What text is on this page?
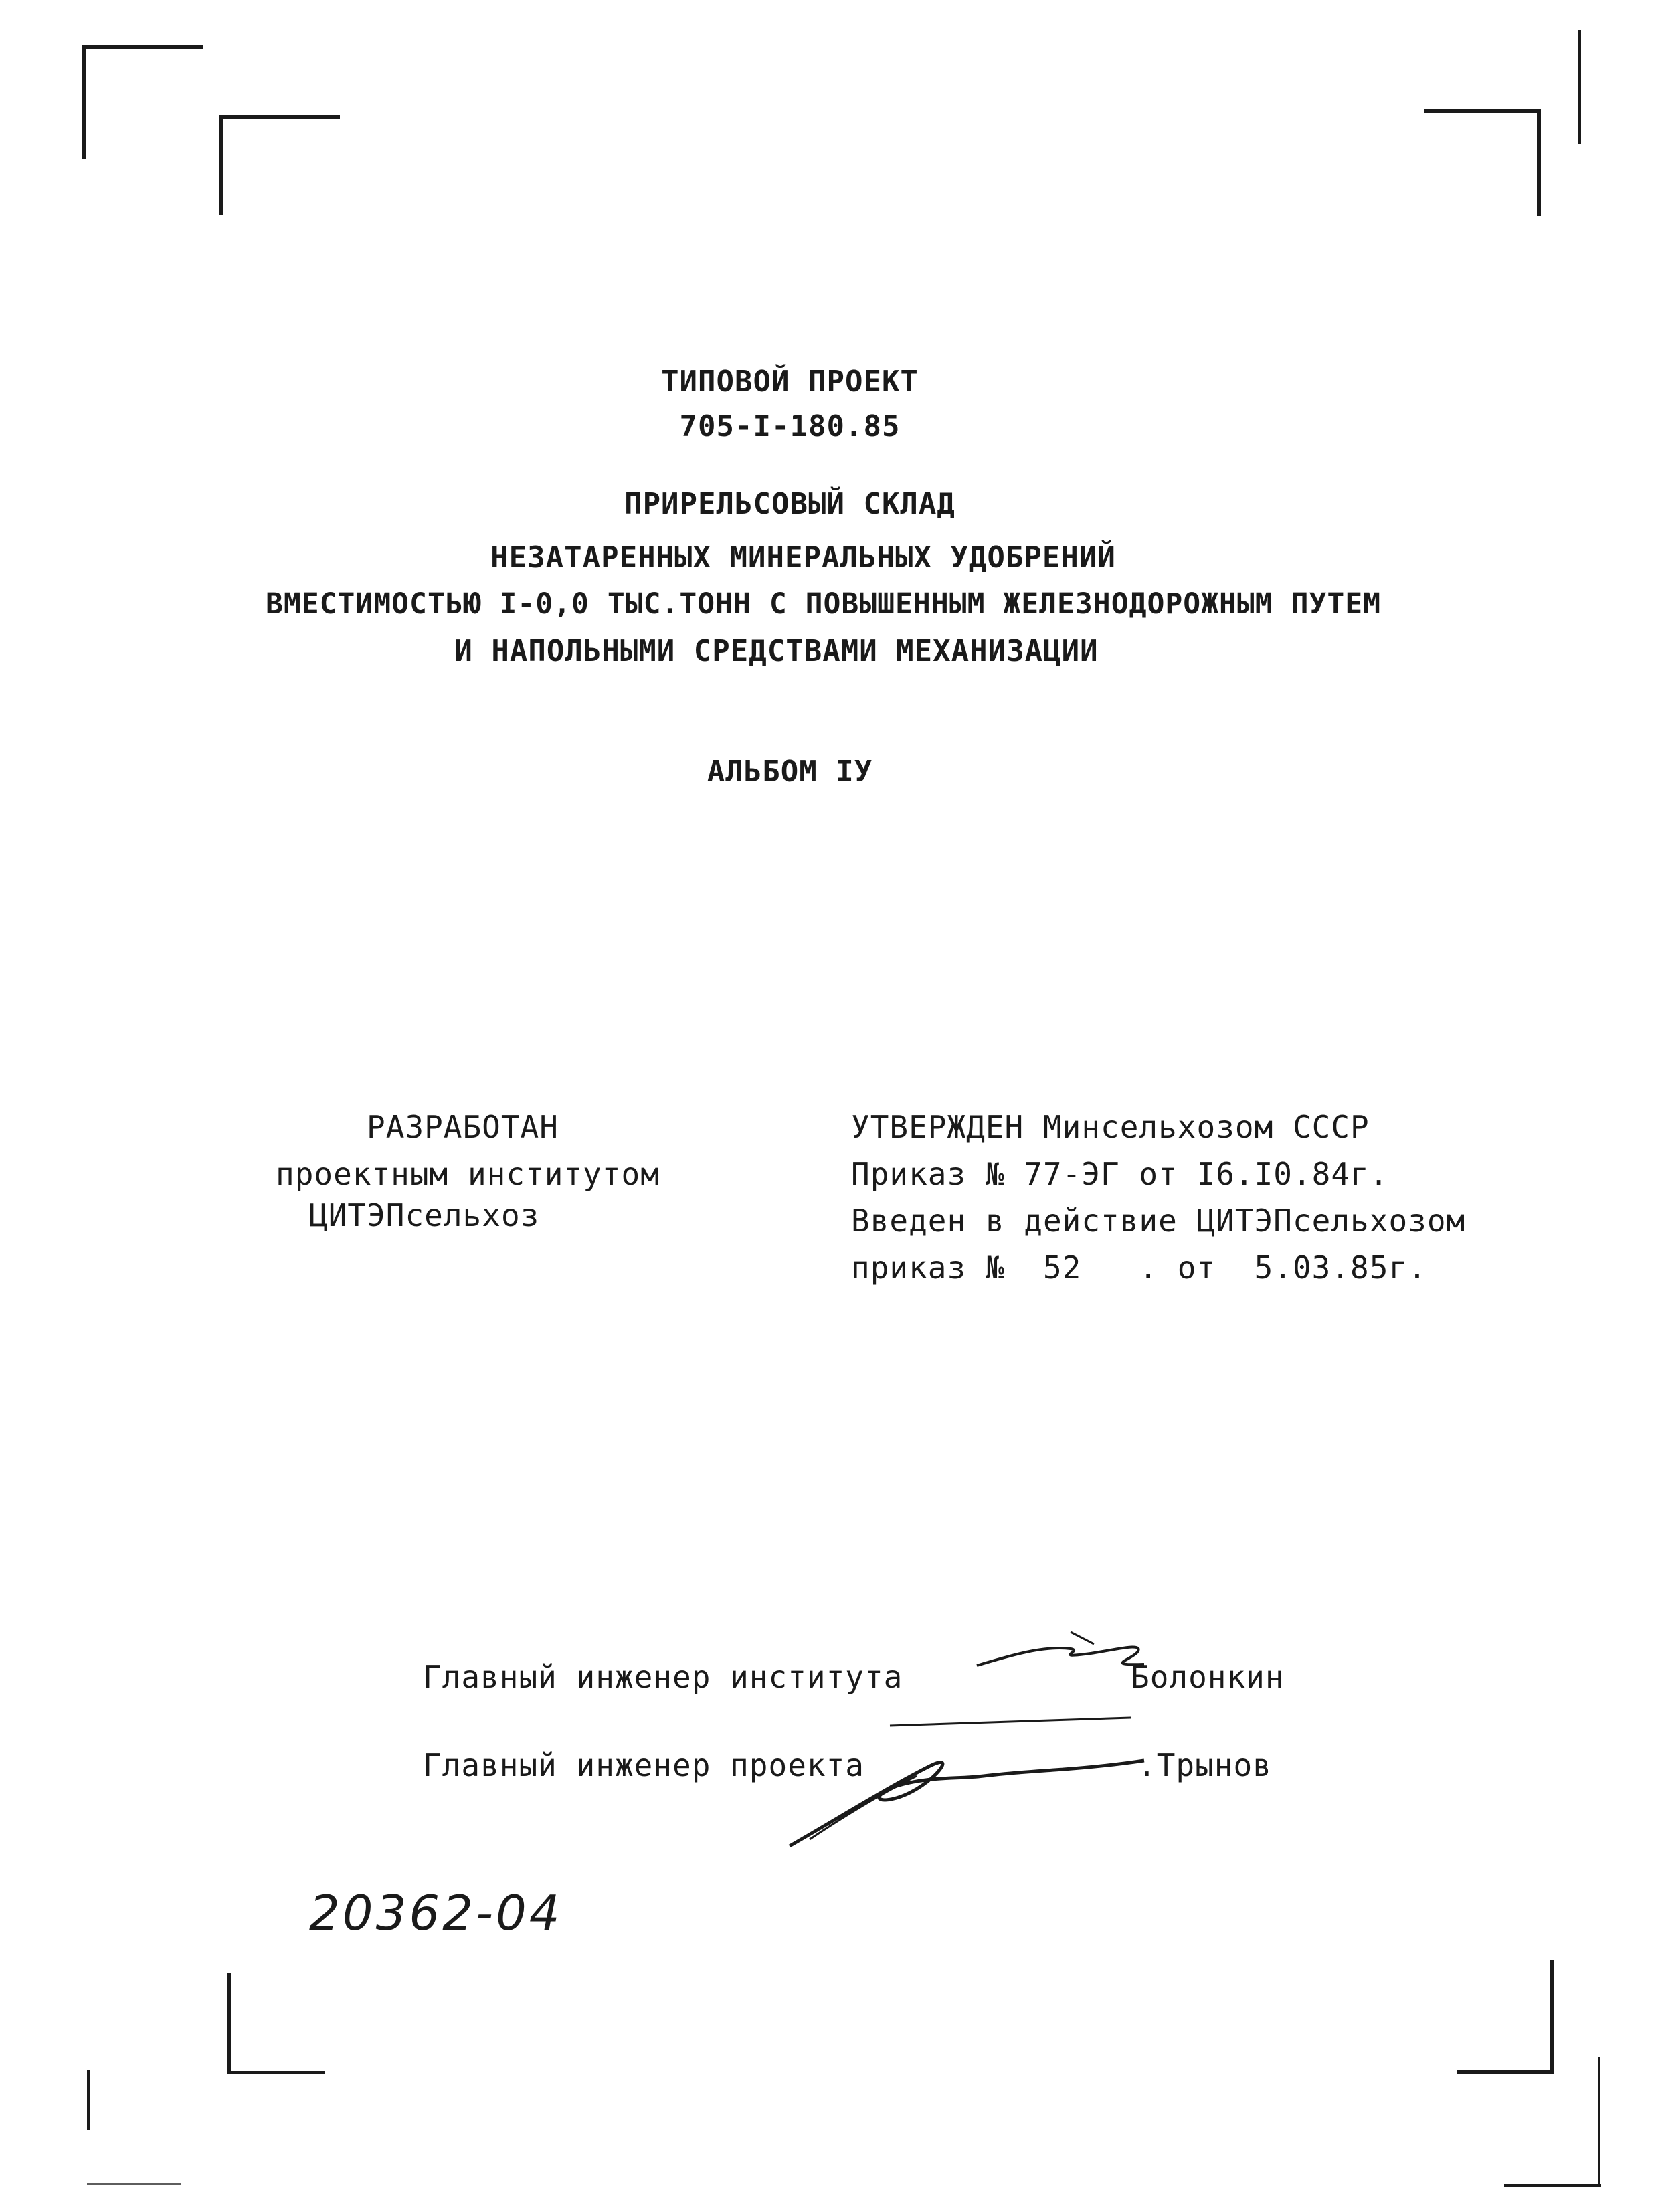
ТИПОВОЙ ПРОЕКТ
705-I-180.85
ПРИРЕЛЬСОВЫЙ СКЛАД
НЕЗАТАРЕННЫХ МИНЕРАЛЬНЫХ УДОБРЕНИЙ
ВМЕСТИМОСТЬЮ I-0,0 ТЫС.ТОНН С ПОВЫШЕННЫМ ЖЕЛЕЗНОДОРОЖНЫМ ПУТЕМ
И НАПОЛЬНЫМИ СРЕДСТВАМИ МЕХАНИЗАЦИИ
АЛЬБОМ IУ
РАЗРАБОТАН
проектным институтом
ЦИТЭПсельхоз
УТВЕРЖДЕН Минсельхозом СССР
Приказ № 77-ЭГ от I6.I0.84г.
Введен в действие ЦИТЭПсельхозом
приказ №  52   . от  5.03.85г.
Главный инженер института	Болонкин
Главный инженер проекта	.Трынов
20362-04
